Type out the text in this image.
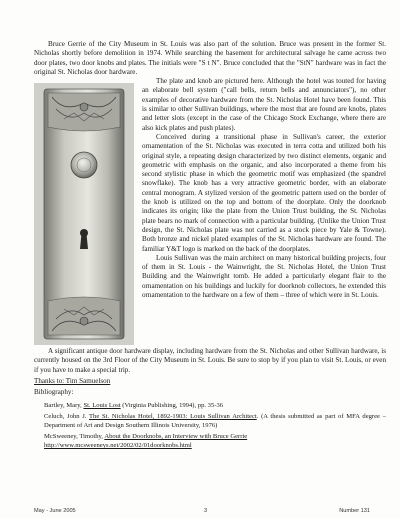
Bruce Gerrie of the City Museum in St. Louis was also part of the solution. Bruce was present in the former St. Nicholas shortly before demolition in 1974. While searching the basement for architectural salvage he came across two door plates, two door knobs and plates. The initials were "S t N". Bruce concluded that the "StN" hardware was in fact the original St. Nicholas door hardware.

The plate and knob are pictured here. Although the hotel was touted for having an elaborate bell system ("call bells, return bells and annunciators"), no other examples of decorative hardware from the St. Nicholas Hotel have been found. This is similar to other Sullivan buildings, where the most that are found are knobs, plates and letter slots (except in the case of the Chicago Stock Exchange, where there are also kick plates and push plates).

Conceived during a transitional phase in Sullivan's career, the exterior ornamentation of the St. Nicholas was executed in terra cotta and utilized both his original style, a repeating design characterized by two distinct elements, organic and geometric with emphasis on the organic, and also incorporated a theme from his second stylistic phase in which the geometric motif was emphasized (the spandrel snowflake). The knob has a very attractive geometric border, with an elaborate central monogram. A stylized version of the geometric pattern used on the border of the knob is utilized on the top and bottom of the doorplate. Only the doorknob indicates its origin; like the plate from the Union Trust building, the St. Nicholas plate bears no mark of connection with a particular building. (Unlike the Union Trust design, the St. Nicholas plate was not carried as a stock piece by Yale & Towne). Both bronze and nickel plated examples of the St. Nicholas hardware are found. The familiar Y&T logo is marked on the back of the doorplates.

Louis Sullivan was the main architect on many historical building projects, four of them in St. Louis - the Wainwright, the St. Nicholas Hotel, the Union Trust Building and the Wainwright tomb. He added a particularly elegant flair to the ornamentation on his buildings and luckily for doorknob collectors, he extended this ornamentation to the hardware on a few of them – three of which were in St. Louis.

A significant antique door hardware display, including hardware from the St. Nicholas and other Sullivan hardware, is currently housed on the 3rd Floor of the City Museum in St. Louis. Be sure to stop by if you plan to visit St. Louis, or even if you have to make a special trip.

Thanks to: Tim Samuelson

Bibliography:

Bartley, Mary, St. Louis Lost (Virginia Publishing, 1994), pp. 35-36
Celuch, John J. The St. Nicholas Hotel, 1892-1903: Louis Sullivan Architect. (A thesis submitted as part of MFA degree – Department of Art and Design Southern Illinois University, 1976)
McSweeney, Timothy, About the Doorknobs, an Interview with Bruce Gerrie
http://www.mcsweeneys.net/2002/02/01doorknobs.html
May - June 2005	3	Number 131
